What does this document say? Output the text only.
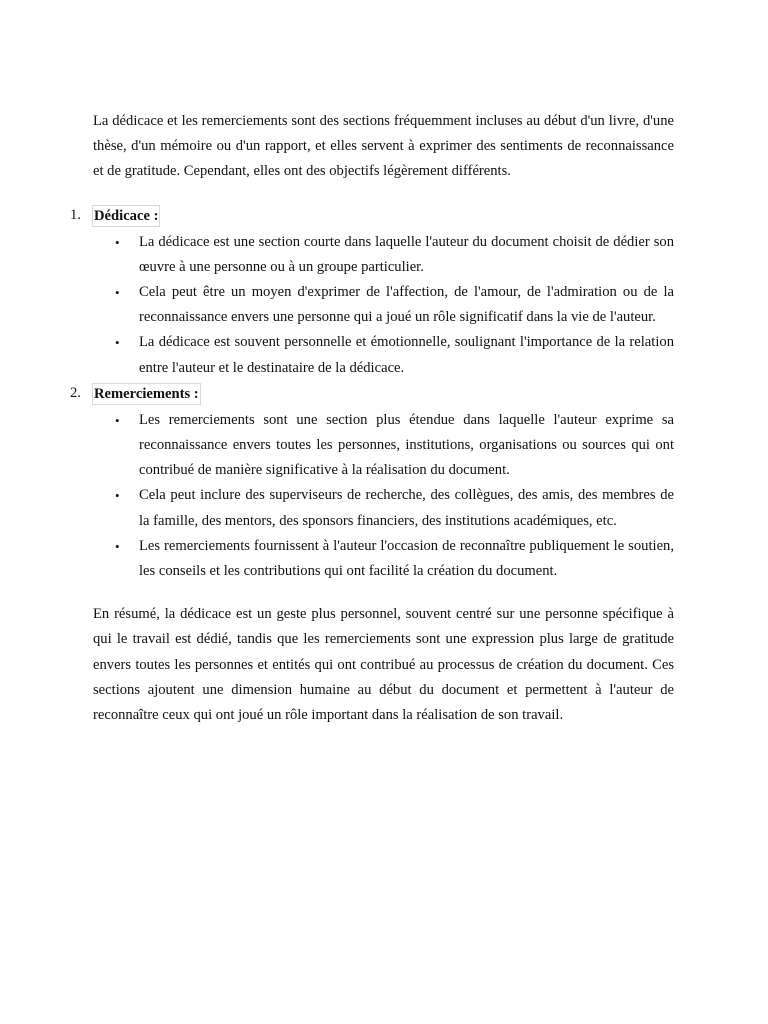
La dédicace et les remerciements sont des sections fréquemment incluses au début d'un livre, d'une thèse, d'un mémoire ou d'un rapport, et elles servent à exprimer des sentiments de reconnaissance et de gratitude. Cependant, elles ont des objectifs légèrement différents.

1. Dédicace :
• La dédicace est une section courte dans laquelle l'auteur du document choisit de dédier son œuvre à une personne ou à un groupe particulier.

• Cela peut être un moyen d'exprimer de l'affection, de l'amour, de l'admiration ou de la reconnaissance envers une personne qui a joué un rôle significatif dans la vie de l'auteur.

• La dédicace est souvent personnelle et émotionnelle, soulignant l'importance de la relation entre l'auteur et le destinataire de la dédicace.

2. Remerciements :
• Les remerciements sont une section plus étendue dans laquelle l'auteur exprime sa reconnaissance envers toutes les personnes, institutions, organisations ou sources qui ont contribué de manière significative à la réalisation du document.

• Cela peut inclure des superviseurs de recherche, des collègues, des amis, des membres de la famille, des mentors, des sponsors financiers, des institutions académiques, etc.

• Les remerciements fournissent à l'auteur l'occasion de reconnaître publiquement le soutien, les conseils et les contributions qui ont facilité la création du document.

En résumé, la dédicace est un geste plus personnel, souvent centré sur une personne spécifique à qui le travail est dédié, tandis que les remerciements sont une expression plus large de gratitude envers toutes les personnes et entités qui ont contribué au processus de création du document. Ces sections ajoutent une dimension humaine au début du document et permettent à l'auteur de reconnaître ceux qui ont joué un rôle important dans la réalisation de son travail.
